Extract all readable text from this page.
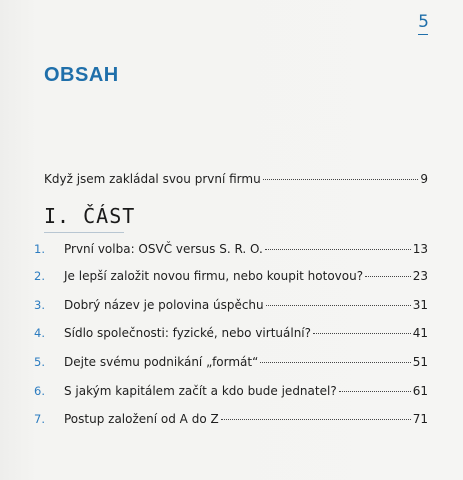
5
OBSAH
Když jsem zakládal svou první firmu	9
I. ČÁST
1.	První volba: OSVČ versus S. R. O.	13
2.	Je lepší založit novou firmu, nebo koupit hotovou?	23
3.	Dobrý název je polovina úspěchu	31
4.	Sídlo společnosti: fyzické, nebo virtuální?	41
5.	Dejte svému podnikání „formát“	51
6.	S jakým kapitálem začít a kdo bude jednatel?	61
7.	Postup založení od A do Z	71
